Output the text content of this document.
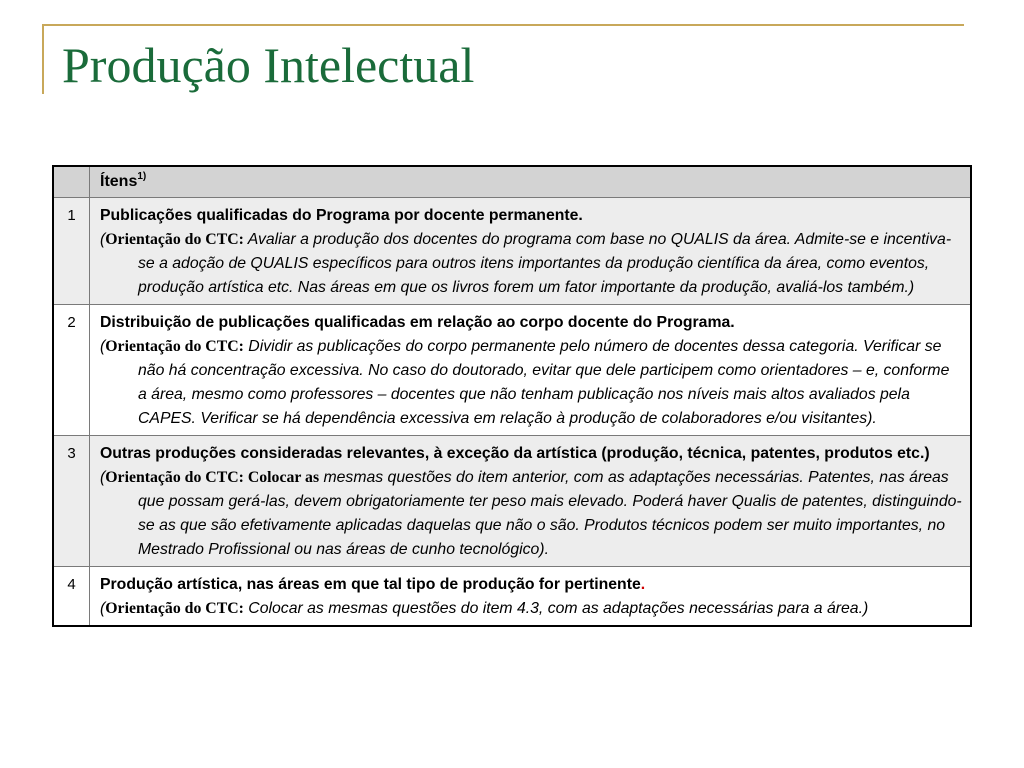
Produção Intelectual
	Ítens$^{1)}$
1	Publicações qualificadas do Programa por docente permanente.
(Orientação do CTC: Avaliar a produção dos docentes do programa com base no QUALIS da área. Admite-se e incentiva-se a adoção de QUALIS específicos para outros itens importantes da produção científica da área, como eventos, produção artística etc. Nas áreas em que os livros forem um fator importante da produção, avaliá-los também.)

2	Distribuição de publicações qualificadas em relação ao corpo docente do Programa.
(Orientação do CTC: Dividir as publicações do corpo permanente pelo número de docentes dessa categoria. Verificar se não há concentração excessiva. No caso do doutorado, evitar que dele participem como orientadores – e, conforme a área, mesmo como professores – docentes que não tenham publicação nos níveis mais altos avaliados pela CAPES. Verificar se há dependência excessiva em relação à produção de colaboradores e/ou visitantes).

3	Outras produções consideradas relevantes, à exceção da artística (produção, técnica, patentes, produtos etc.)
(Orientação do CTC: Colocar as mesmas questões do item anterior, com as adaptações necessárias. Patentes, nas áreas que possam gerá-las, devem obrigatoriamente ter peso mais elevado. Poderá haver Qualis de patentes, distinguindo-se as que são efetivamente aplicadas daquelas que não o são. Produtos técnicos podem ser muito importantes, no Mestrado Profissional ou nas áreas de cunho tecnológico).

4	Produção artística, nas áreas em que tal tipo de produção for pertinente.
(Orientação do CTC: Colocar as mesmas questões do item 4.3, com as adaptações necessárias para a área.)
